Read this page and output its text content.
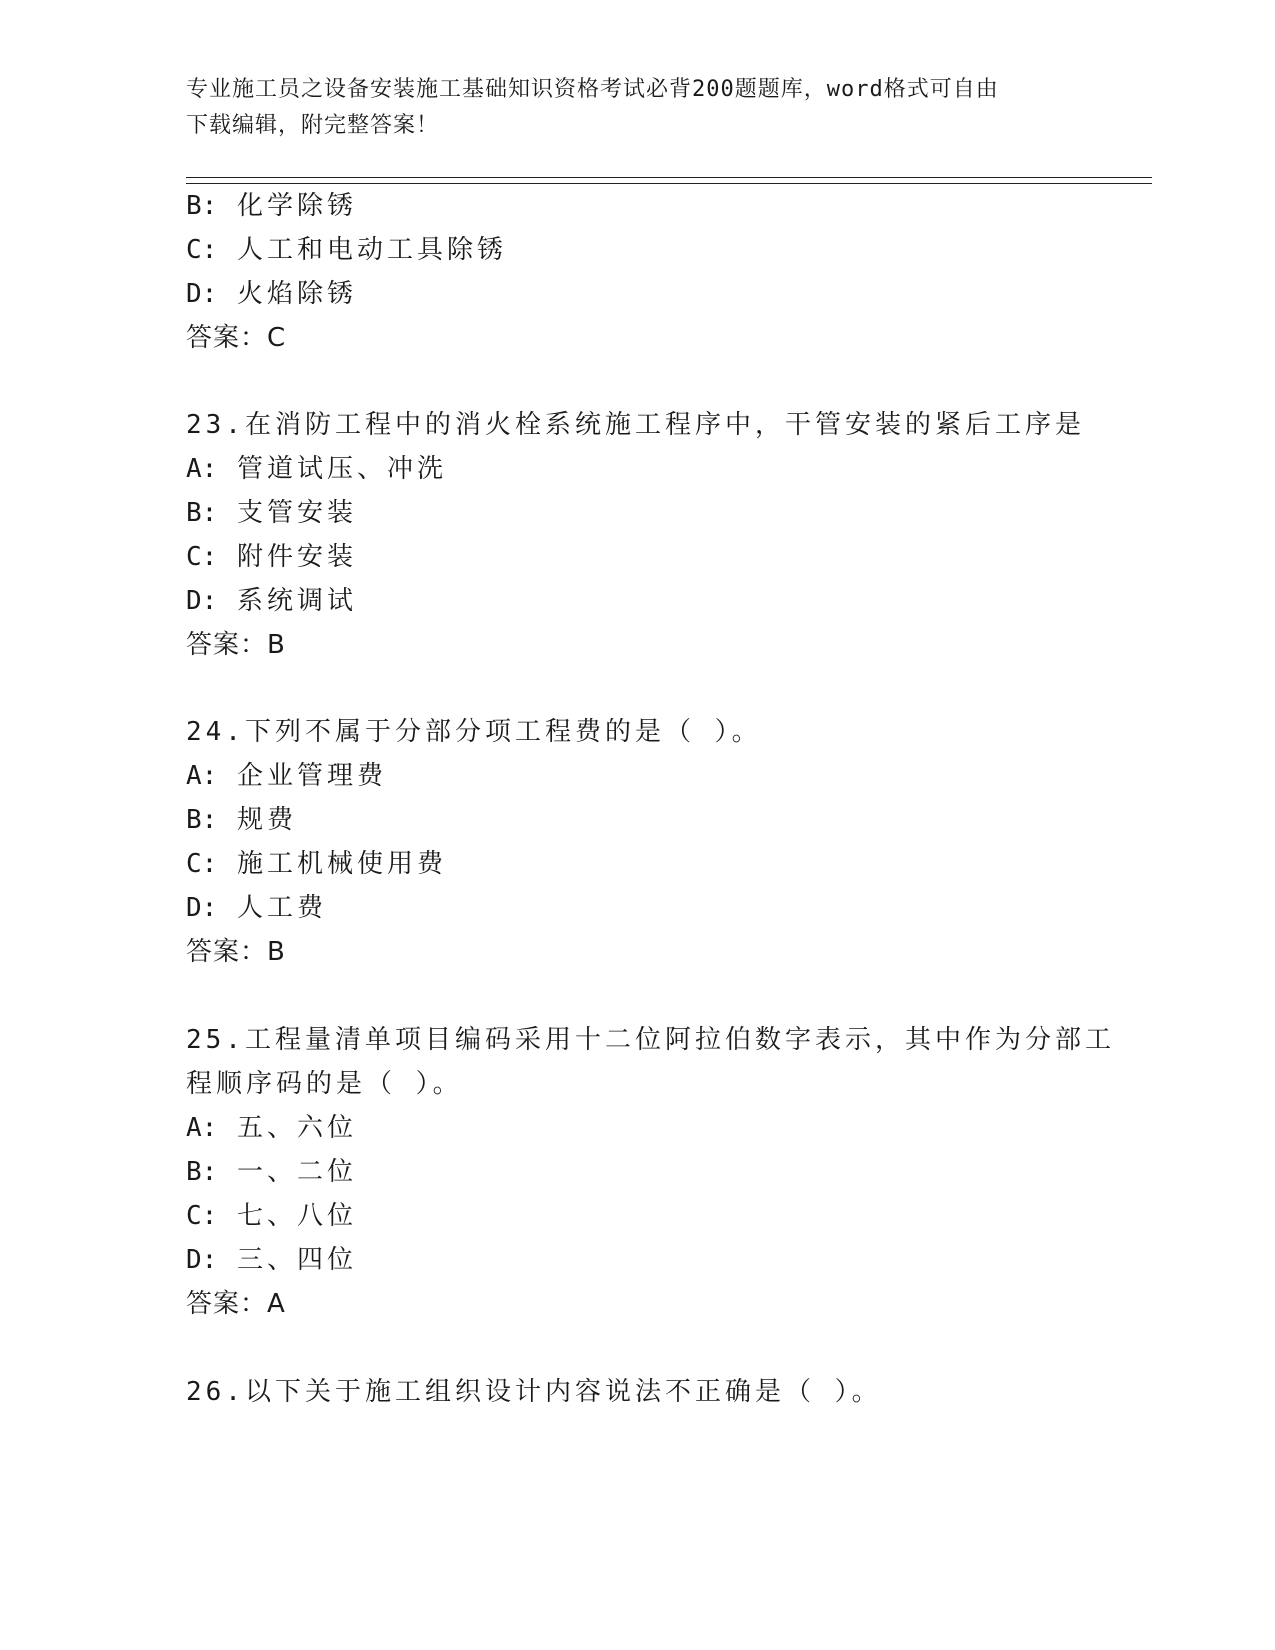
专业施工员之设备安装施工基础知识资格考试必背200题题库，word格式可自由
下载编辑，附完整答案！
B: 化学除锈
C: 人工和电动工具除锈
D: 火焰除锈
答案：C
23.在消防工程中的消火栓系统施工程序中，干管安装的紧后工序是
A: 管道试压、冲洗
B: 支管安装
C: 附件安装
D: 系统调试
答案：B
24.下列不属于分部分项工程费的是（ ）。
A: 企业管理费
B: 规费
C: 施工机械使用费
D: 人工费
答案：B
25.工程量清单项目编码采用十二位阿拉伯数字表示，其中作为分部工
程顺序码的是（ ）。
A: 五、六位
B: 一、二位
C: 七、八位
D: 三、四位
答案：A
26.以下关于施工组织设计内容说法不正确是（ ）。
